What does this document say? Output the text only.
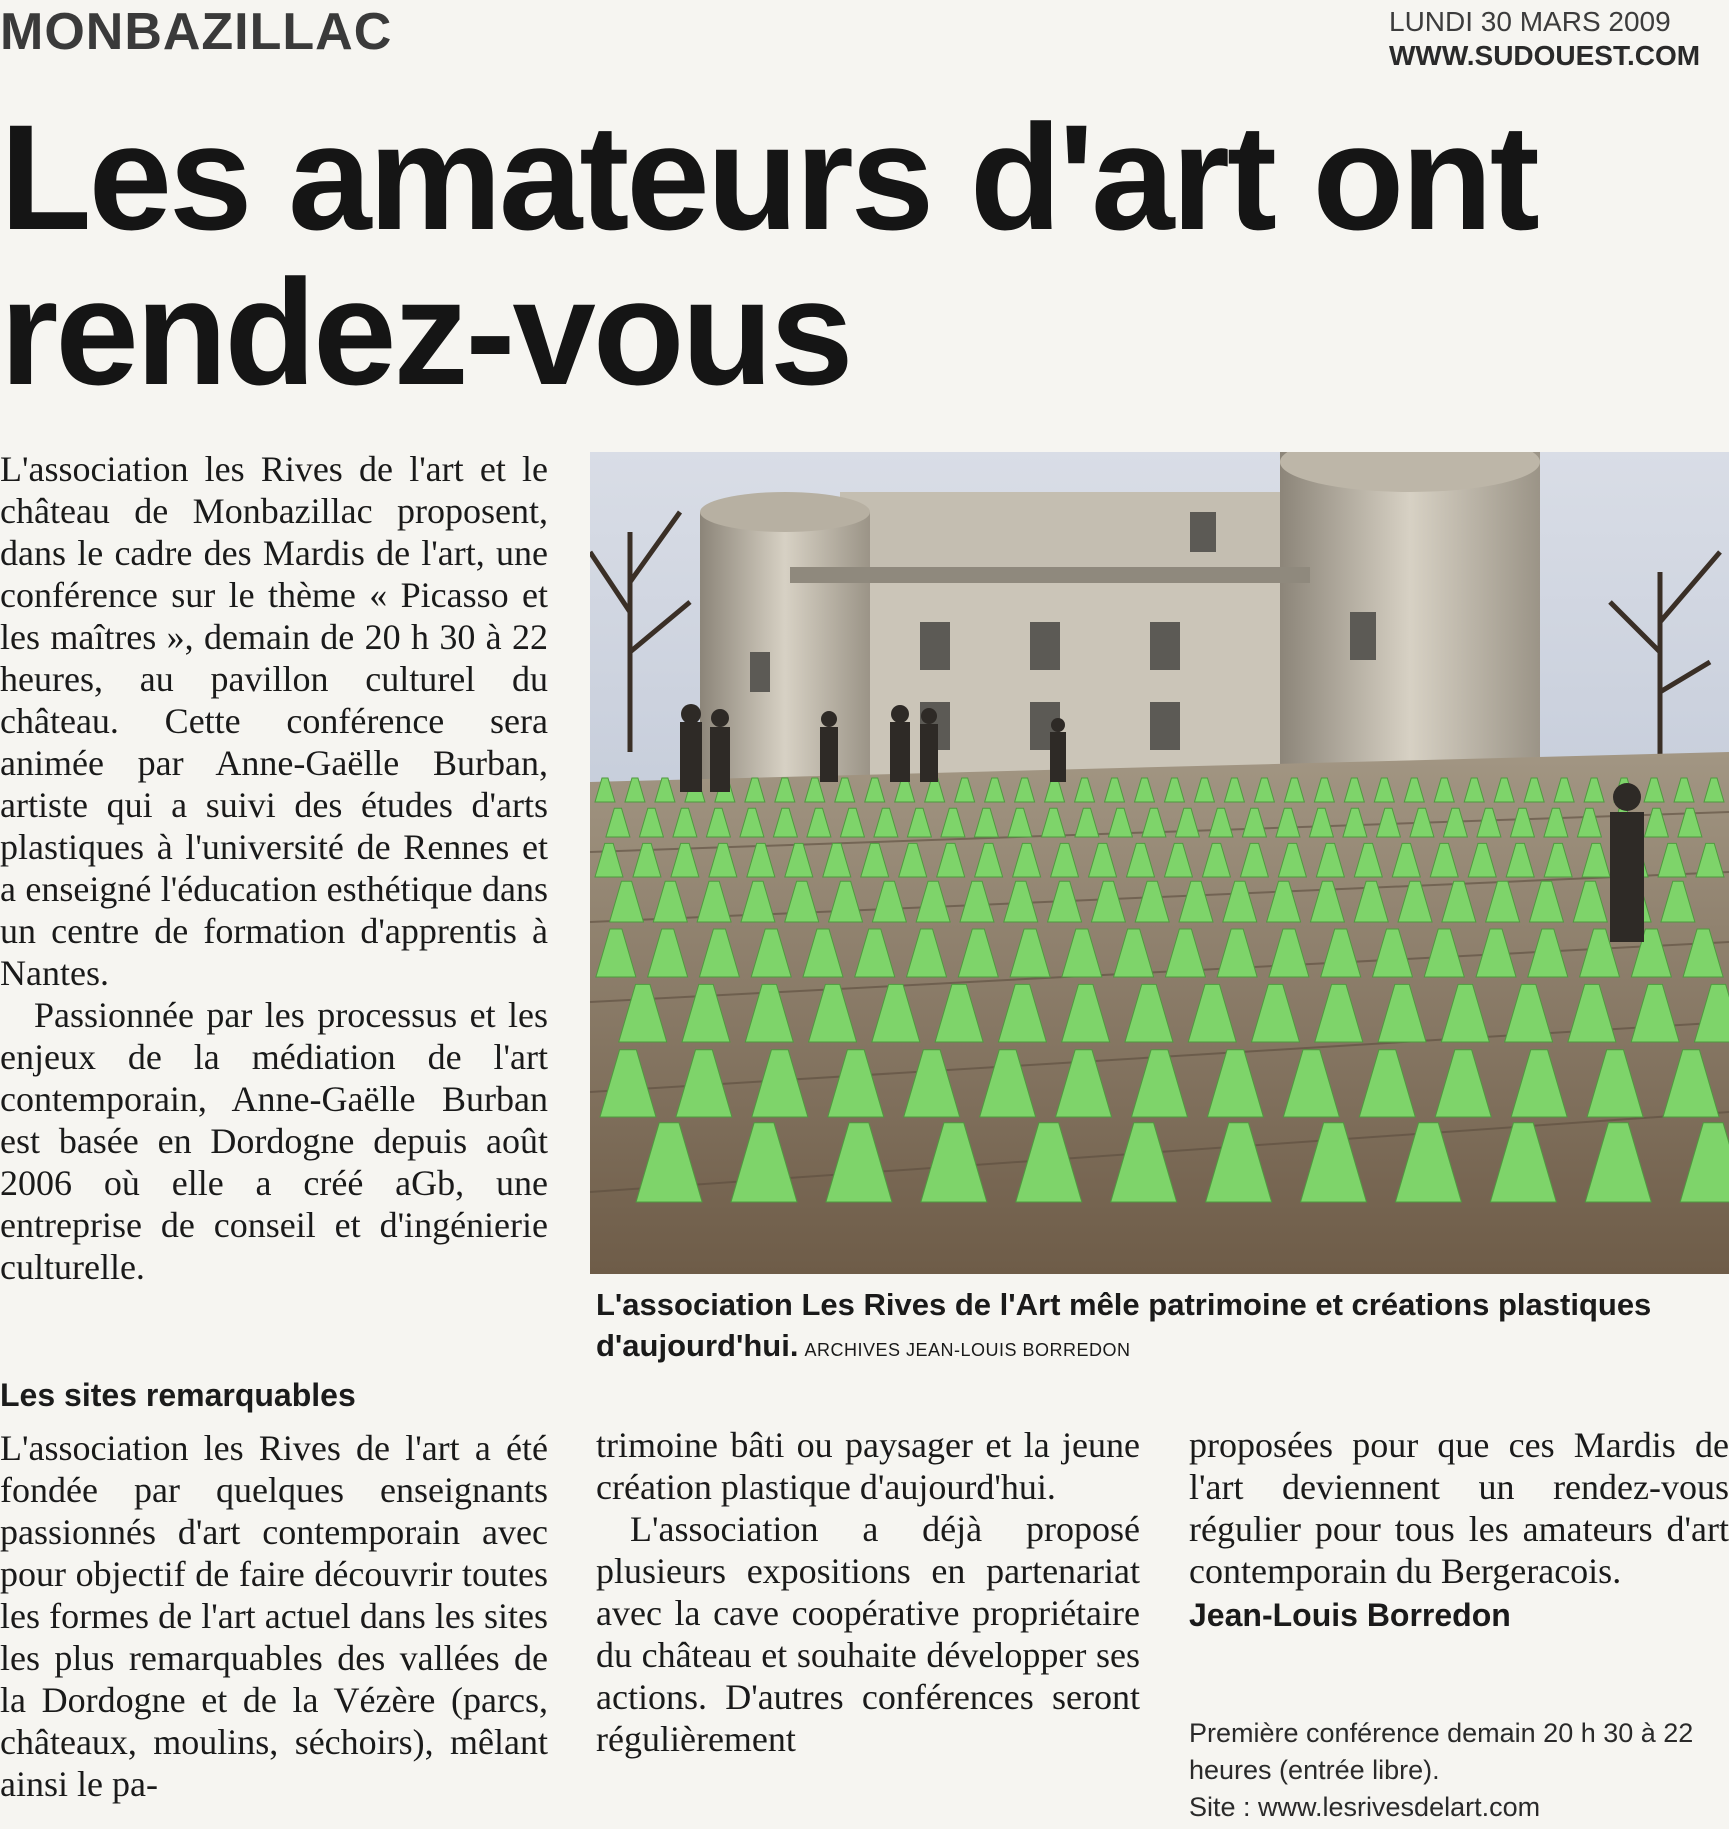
MONBAZILLAC	LUNDI 30 MARS 2009
WWW.SUDOUEST.COM
Les amateurs d'art ont rendez-vous

L'association les Rives de l'art et le château de Monbazillac proposent, dans le cadre des Mardis de l'art, une conférence sur le thème « Picasso et les maîtres », demain de 20 h 30 à 22 heures, au pavillon culturel du château. Cette conférence sera animée par Anne-Gaëlle Burban, artiste qui a suivi des études d'arts plastiques à l'université de Rennes et a enseigné l'éducation esthétique dans un centre de formation d'apprentis à Nantes.

Passionnée par les processus et les enjeux de la médiation de l'art contemporain, Anne-Gaëlle Burban est basée en Dordogne depuis août 2006 où elle a créé aGb, une entreprise de conseil et d'ingénierie culturelle.

Les sites remarquables

L'association les Rives de l'art a été fondée par quelques enseignants passionnés d'art contemporain avec pour objectif de faire découvrir toutes les formes de l'art actuel dans les sites les plus remarquables des vallées de la Dordogne et de la Vézère (parcs, châteaux, moulins, séchoirs), mêlant ainsi le pa-

L'association Les Rives de l'Art mêle patrimoine et créations plastiques d'aujourd'hui. ARCHIVES JEAN-LOUIS BORREDON

trimoine bâti ou paysager et la jeune création plastique d'aujourd'hui.

L'association a déjà proposé plusieurs expositions en partenariat avec la cave coopérative propriétaire du château et souhaite développer ses actions. D'autres conférences seront régulièrement

proposées pour que ces Mardis de l'art deviennent un rendez-vous régulier pour tous les amateurs d'art contemporain du Bergeracois.

Jean-Louis Borredon
Première conférence demain 20 h 30 à 22 heures (entrée libre).
Site : www.lesrivesdelart.com
